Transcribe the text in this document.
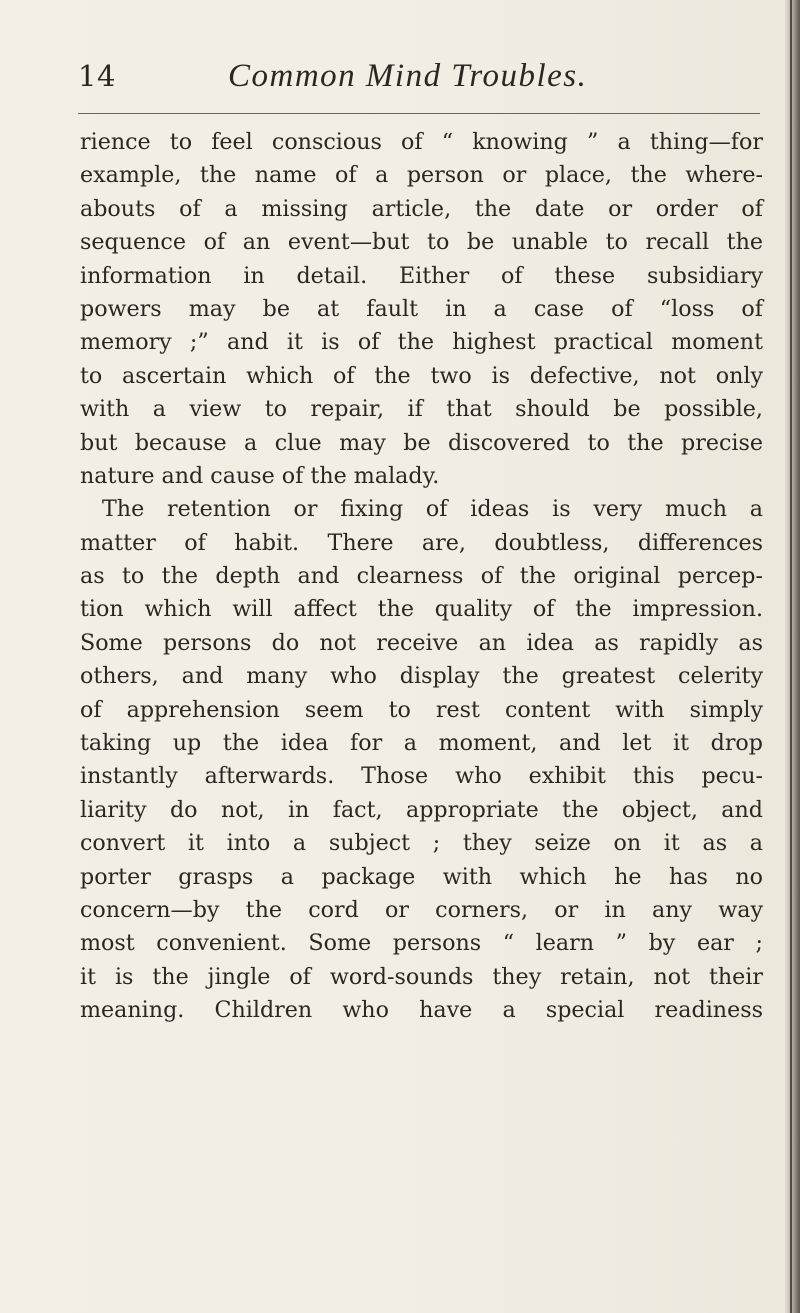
14	Common Mind Troubles.
rience to feel conscious of “ knowing ” a thing—for
example, the name of a person or place, the where-
abouts of a missing article, the date or order of
sequence of an event—but to be unable to recall the
information in detail. Either of these subsidiary
powers may be at fault in a case of “loss of
memory ;” and it is of the highest practical moment
to ascertain which of the two is defective, not only
with a view to repair, if that should be possible,
but because a clue may be discovered to the precise
nature and cause of the malady.
The retention or fixing of ideas is very much a
matter of habit. There are, doubtless, differences
as to the depth and clearness of the original percep-
tion which will affect the quality of the impression.
Some persons do not receive an idea as rapidly as
others, and many who display the greatest celerity
of apprehension seem to rest content with simply
taking up the idea for a moment, and let it drop
instantly afterwards. Those who exhibit this pecu-
liarity do not, in fact, appropriate the object, and
convert it into a subject ; they seize on it as a
porter grasps a package with which he has no
concern—by the cord or corners, or in any way
most convenient. Some persons “ learn ” by ear ;
it is the jingle of word-sounds they retain, not their
meaning. Children who have a special readiness
